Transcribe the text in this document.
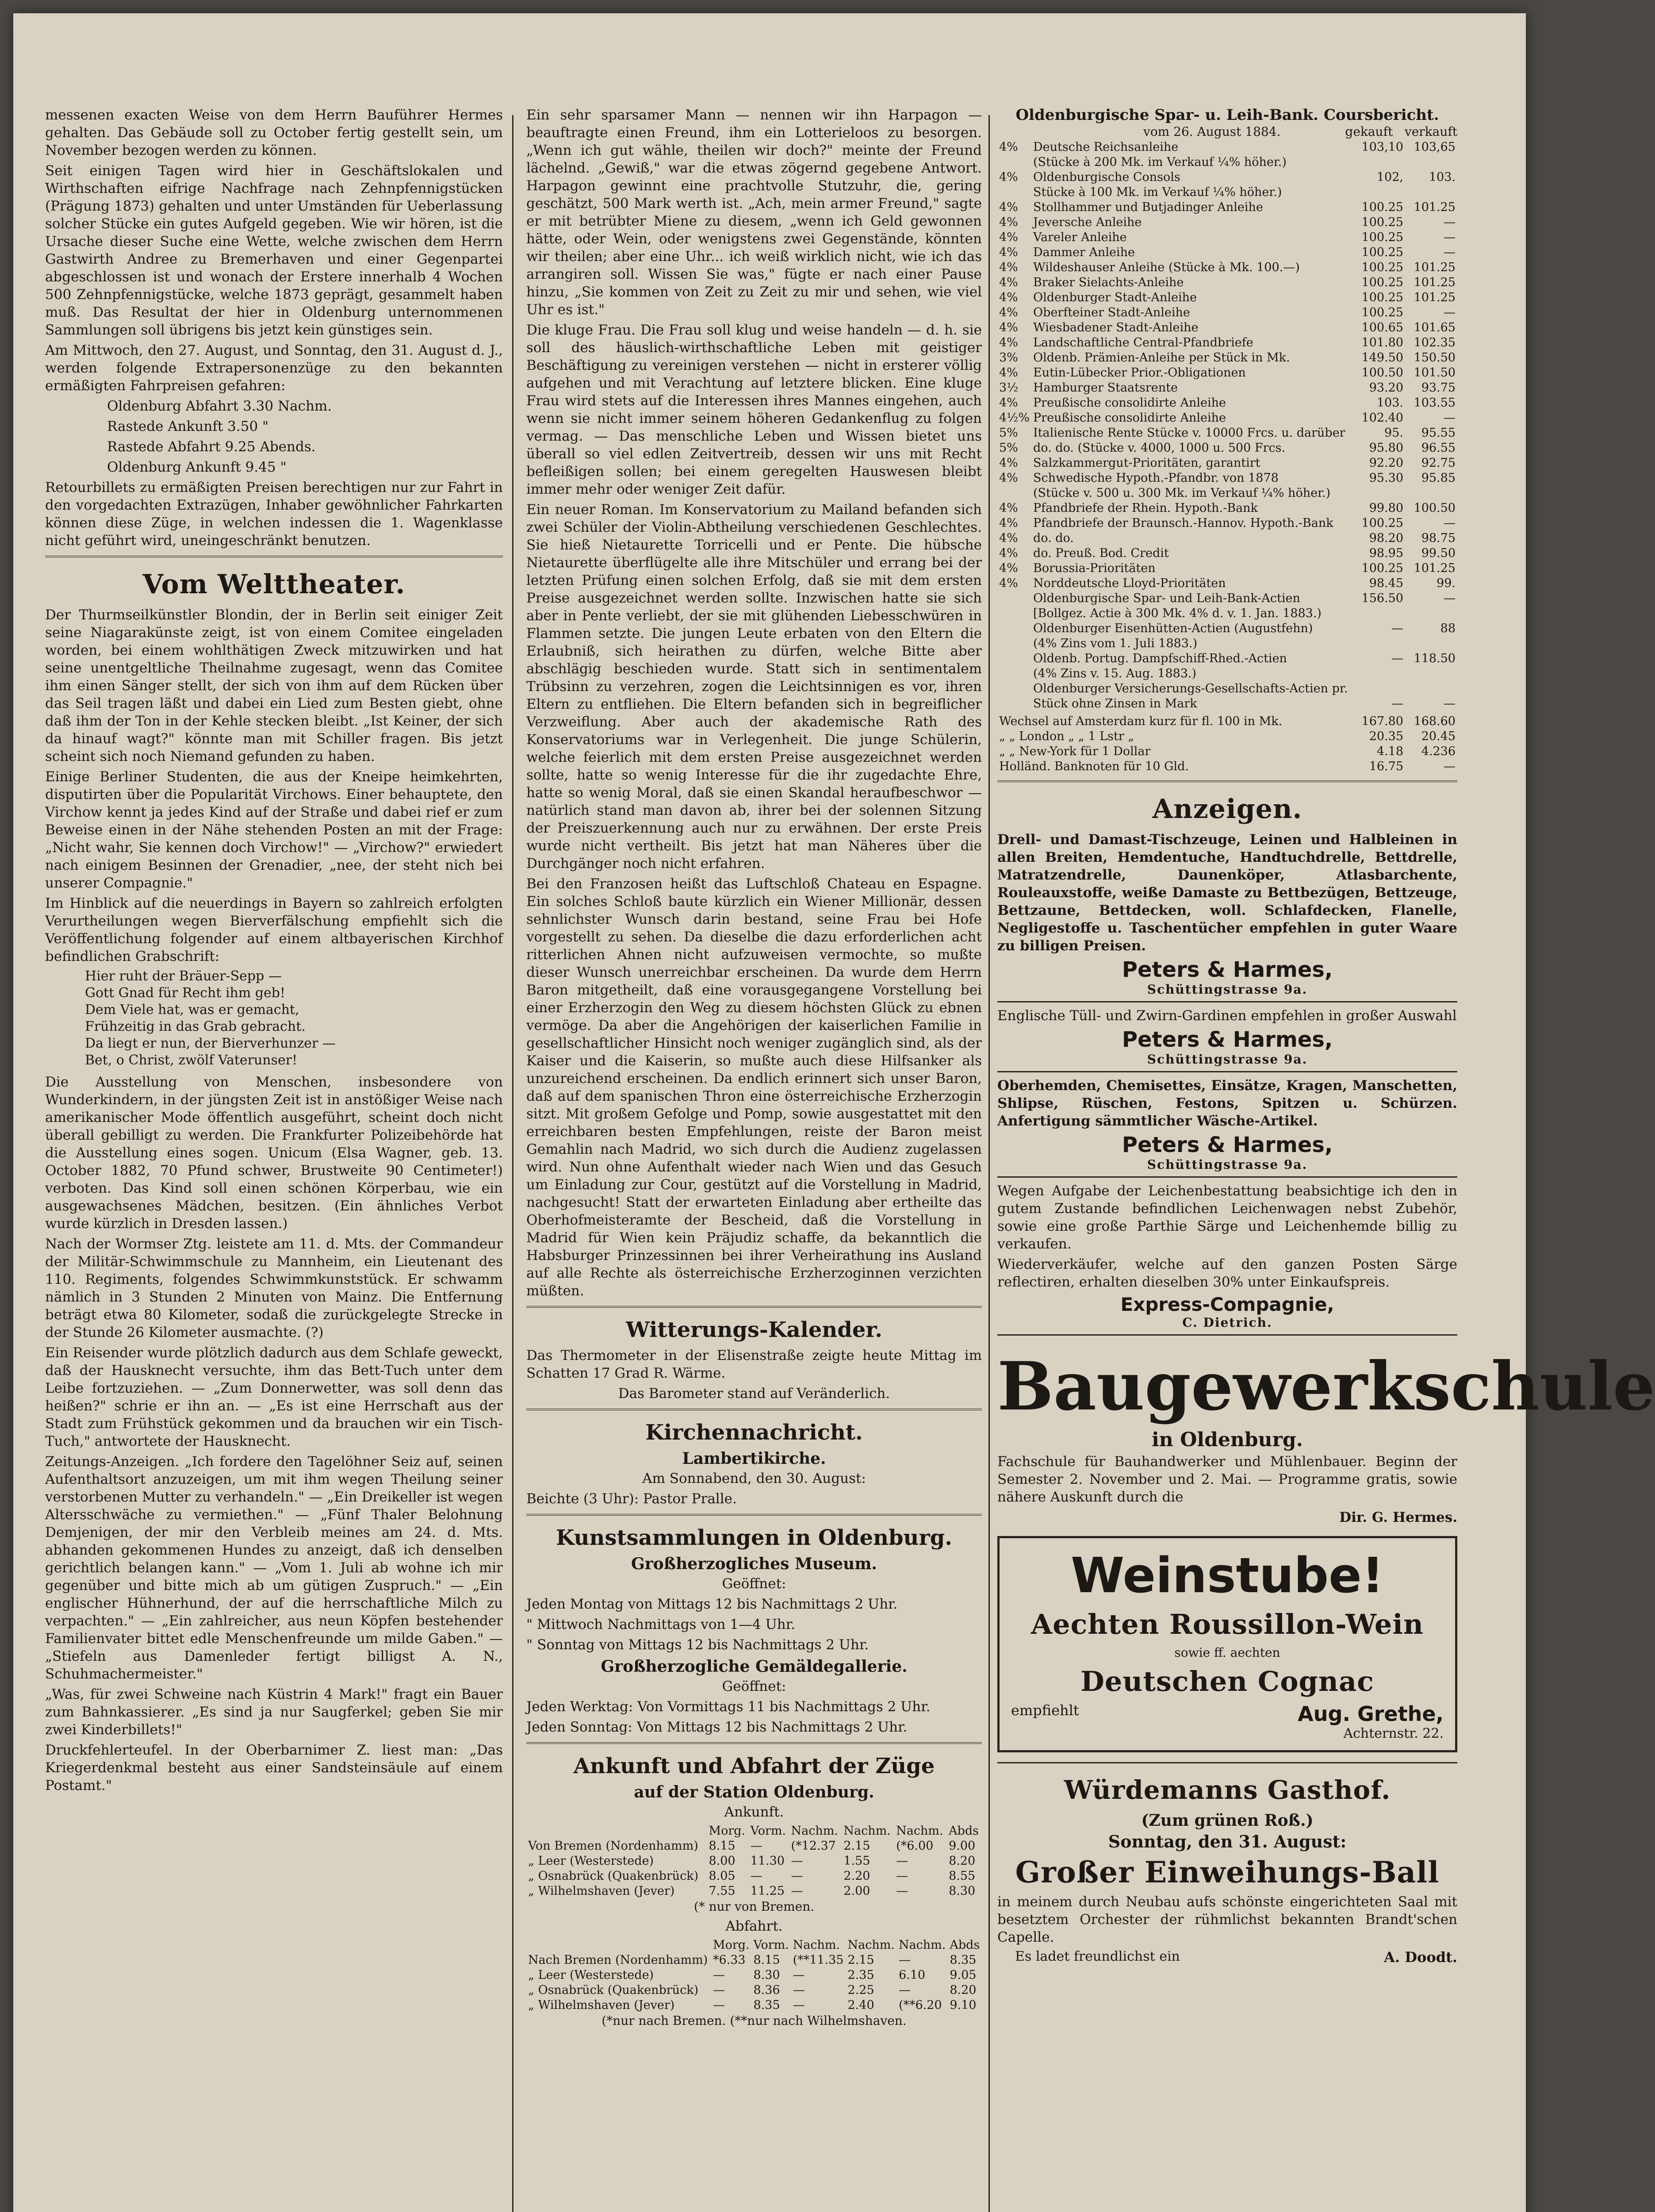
messenen exacten Weise von dem Herrn Bauführer Hermes gehalten. Das Gebäude soll zu October fertig gestellt sein, um November bezogen werden zu können.

Seit einigen Tagen wird hier in Geschäftslokalen und Wirthschaften eifrige Nachfrage nach Zehnpfennigstücken (Prägung 1873) gehalten und unter Umständen für Ueberlassung solcher Stücke ein gutes Aufgeld gegeben. Wie wir hören, ist die Ursache dieser Suche eine Wette, welche zwischen dem Herrn Gastwirth Andree zu Bremerhaven und einer Gegenpartei abgeschlossen ist und wonach der Erstere innerhalb 4 Wochen 500 Zehnpfennigstücke, welche 1873 geprägt, gesammelt haben muß. Das Resultat der hier in Oldenburg unternommenen Sammlungen soll übrigens bis jetzt kein günstiges sein.

Am Mittwoch, den 27. August, und Sonntag, den 31. August d. J., werden folgende Extrapersonenzüge zu den bekannten ermäßigten Fahrpreisen gefahren:

Oldenburg Abfahrt 3.30 Nachm.

Rastede Ankunft 3.50 "

Rastede Abfahrt 9.25 Abends.

Oldenburg Ankunft 9.45 "

Retourbillets zu ermäßigten Preisen berechtigen nur zur Fahrt in den vorgedachten Extrazügen, Inhaber gewöhnlicher Fahrkarten können diese Züge, in welchen indessen die 1. Wagenklasse nicht geführt wird, uneingeschränkt benutzen.

Vom Welttheater.

Der Thurmseilkünstler Blondin, der in Berlin seit einiger Zeit seine Niagarakünste zeigt, ist von einem Comitee eingeladen worden, bei einem wohlthätigen Zweck mitzuwirken und hat seine unentgeltliche Theilnahme zugesagt, wenn das Comitee ihm einen Sänger stellt, der sich von ihm auf dem Rücken über das Seil tragen läßt und dabei ein Lied zum Besten giebt, ohne daß ihm der Ton in der Kehle stecken bleibt. „Ist Keiner, der sich da hinauf wagt?" könnte man mit Schiller fragen. Bis jetzt scheint sich noch Niemand gefunden zu haben.

Einige Berliner Studenten, die aus der Kneipe heimkehrten, disputirten über die Popularität Virchows. Einer behauptete, den Virchow kennt ja jedes Kind auf der Straße und dabei rief er zum Beweise einen in der Nähe stehenden Posten an mit der Frage: „Nicht wahr, Sie kennen doch Virchow!" — „Virchow?" erwiedert nach einigem Besinnen der Grenadier, „nee, der steht nich bei unserer Compagnie."

Im Hinblick auf die neuerdings in Bayern so zahlreich erfolgten Verurtheilungen wegen Bierverfälschung empfiehlt sich die Veröffentlichung folgender auf einem altbayerischen Kirchhof befindlichen Grabschrift:

Hier ruht der Bräuer-Sepp —
Gott Gnad für Recht ihm geb!
Dem Viele hat, was er gemacht,
Frühzeitig in das Grab gebracht.
Da liegt er nun, der Bierverhunzer —
Bet, o Christ, zwölf Vaterunser!

Die Ausstellung von Menschen, insbesondere von Wunderkindern, in der jüngsten Zeit ist in anstößiger Weise nach amerikanischer Mode öffentlich ausgeführt, scheint doch nicht überall gebilligt zu werden. Die Frankfurter Polizeibehörde hat die Ausstellung eines sogen. Unicum (Elsa Wagner, geb. 13. October 1882, 70 Pfund schwer, Brustweite 90 Centimeter!) verboten. Das Kind soll einen schönen Körperbau, wie ein ausgewachsenes Mädchen, besitzen. (Ein ähnliches Verbot wurde kürzlich in Dresden lassen.)

Nach der Wormser Ztg. leistete am 11. d. Mts. der Commandeur der Militär-Schwimmschule zu Mannheim, ein Lieutenant des 110. Regiments, folgendes Schwimmkunststück. Er schwamm nämlich in 3 Stunden 2 Minuten von Mainz. Die Entfernung beträgt etwa 80 Kilometer, sodaß die zurückgelegte Strecke in der Stunde 26 Kilometer ausmachte. (?)

Ein Reisender wurde plötzlich dadurch aus dem Schlafe geweckt, daß der Hausknecht versuchte, ihm das Bett-Tuch unter dem Leibe fortzuziehen. — „Zum Donnerwetter, was soll denn das heißen?" schrie er ihn an. — „Es ist eine Herrschaft aus der Stadt zum Frühstück gekommen und da brauchen wir ein Tisch-Tuch," antwortete der Hausknecht.

Zeitungs-Anzeigen. „Ich fordere den Tagelöhner Seiz auf, seinen Aufenthaltsort anzuzeigen, um mit ihm wegen Theilung seiner verstorbenen Mutter zu verhandeln." — „Ein Dreikeller ist wegen Altersschwäche zu vermiethen." — „Fünf Thaler Belohnung Demjenigen, der mir den Verbleib meines am 24. d. Mts. abhanden gekommenen Hundes zu anzeigt, daß ich denselben gerichtlich belangen kann." — „Vom 1. Juli ab wohne ich mir gegenüber und bitte mich ab um gütigen Zuspruch." — „Ein englischer Hühnerhund, der auf die herrschaftliche Milch zu verpachten." — „Ein zahlreicher, aus neun Köpfen bestehender Familienvater bittet edle Menschenfreunde um milde Gaben." — „Stiefeln aus Damenleder fertigt billigst A. N., Schuhmachermeister."

„Was, für zwei Schweine nach Küstrin 4 Mark!" fragt ein Bauer zum Bahnkassierer. „Es sind ja nur Saugferkel; geben Sie mir zwei Kinderbillets!"

Druckfehlerteufel. In der Oberbarnimer Z. liest man: „Das Kriegerdenkmal besteht aus einer Sandsteinsäule auf einem Postamt."

Ein sehr sparsamer Mann — nennen wir ihn Harpagon — beauftragte einen Freund, ihm ein Lotterieloos zu besorgen. „Wenn ich gut wähle, theilen wir doch?" meinte der Freund lächelnd. „Gewiß," war die etwas zögernd gegebene Antwort. Harpagon gewinnt eine prachtvolle Stutzuhr, die, gering geschätzt, 500 Mark werth ist. „Ach, mein armer Freund," sagte er mit betrübter Miene zu diesem, „wenn ich Geld gewonnen hätte, oder Wein, oder wenigstens zwei Gegenstände, könnten wir theilen; aber eine Uhr... ich weiß wirklich nicht, wie ich das arrangiren soll. Wissen Sie was," fügte er nach einer Pause hinzu, „Sie kommen von Zeit zu Zeit zu mir und sehen, wie viel Uhr es ist."

Die kluge Frau. Die Frau soll klug und weise handeln — d. h. sie soll des häuslich-wirthschaftliche Leben mit geistiger Beschäftigung zu vereinigen verstehen — nicht in ersterer völlig aufgehen und mit Verachtung auf letztere blicken. Eine kluge Frau wird stets auf die Interessen ihres Mannes eingehen, auch wenn sie nicht immer seinem höheren Gedankenflug zu folgen vermag. — Das menschliche Leben und Wissen bietet uns überall so viel edlen Zeitvertreib, dessen wir uns mit Recht befleißigen sollen; bei einem geregelten Hauswesen bleibt immer mehr oder weniger Zeit dafür.

Ein neuer Roman. Im Konservatorium zu Mailand befanden sich zwei Schüler der Violin-Abtheilung verschiedenen Geschlechtes. Sie hieß Nietaurette Torricelli und er Pente. Die hübsche Nietaurette überflügelte alle ihre Mitschüler und errang bei der letzten Prüfung einen solchen Erfolg, daß sie mit dem ersten Preise ausgezeichnet werden sollte. Inzwischen hatte sie sich aber in Pente verliebt, der sie mit glühenden Liebesschwüren in Flammen setzte. Die jungen Leute erbaten von den Eltern die Erlaubniß, sich heirathen zu dürfen, welche Bitte aber abschlägig beschieden wurde. Statt sich in sentimentalem Trübsinn zu verzehren, zogen die Leichtsinnigen es vor, ihren Eltern zu entfliehen. Die Eltern befanden sich in begreiflicher Verzweiflung. Aber auch der akademische Rath des Konservatoriums war in Verlegenheit. Die junge Schülerin, welche feierlich mit dem ersten Preise ausgezeichnet werden sollte, hatte so wenig Interesse für die ihr zugedachte Ehre, hatte so wenig Moral, daß sie einen Skandal heraufbeschwor — natürlich stand man davon ab, ihrer bei der solennen Sitzung der Preiszuerkennung auch nur zu erwähnen. Der erste Preis wurde nicht vertheilt. Bis jetzt hat man Näheres über die Durchgänger noch nicht erfahren.

Bei den Franzosen heißt das Luftschloß Chateau en Espagne. Ein solches Schloß baute kürzlich ein Wiener Millionär, dessen sehnlichster Wunsch darin bestand, seine Frau bei Hofe vorgestellt zu sehen. Da dieselbe die dazu erforderlichen acht ritterlichen Ahnen nicht aufzuweisen vermochte, so mußte dieser Wunsch unerreichbar erscheinen. Da wurde dem Herrn Baron mitgetheilt, daß eine vorausgegangene Vorstellung bei einer Erzherzogin den Weg zu diesem höchsten Glück zu ebnen vermöge. Da aber die Angehörigen der kaiserlichen Familie in gesellschaftlicher Hinsicht noch weniger zugänglich sind, als der Kaiser und die Kaiserin, so mußte auch diese Hilfsanker als unzureichend erscheinen. Da endlich erinnert sich unser Baron, daß auf dem spanischen Thron eine österreichische Erzherzogin sitzt. Mit großem Gefolge und Pomp, sowie ausgestattet mit den erreichbaren besten Empfehlungen, reiste der Baron meist Gemahlin nach Madrid, wo sich durch die Audienz zugelassen wird. Nun ohne Aufenthalt wieder nach Wien und das Gesuch um Einladung zur Cour, gestützt auf die Vorstellung in Madrid, nachgesucht! Statt der erwarteten Einladung aber ertheilte das Oberhofmeisteramte der Bescheid, daß die Vorstellung in Madrid für Wien kein Präjudiz schaffe, da bekanntlich die Habsburger Prinzessinnen bei ihrer Verheirathung ins Ausland auf alle Rechte als österreichische Erzherzoginnen verzichten müßten.

Witterungs-Kalender.

Das Thermometer in der Elisenstraße zeigte heute Mittag im Schatten 17 Grad R. Wärme.

Das Barometer stand auf Veränderlich.

Kirchennachricht.
Lambertikirche.

Am Sonnabend, den 30. August:

Beichte (3 Uhr): Pastor Pralle.

Kunstsammlungen in Oldenburg.
Großherzogliches Museum.

Geöffnet:

Jeden Montag von Mittags 12 bis Nachmittags 2 Uhr.

" Mittwoch Nachmittags von 1—4 Uhr.

" Sonntag von Mittags 12 bis Nachmittags 2 Uhr.

Großherzogliche Gemäldegallerie.

Geöffnet:

Jeden Werktag: Von Vormittags 11 bis Nachmittags 2 Uhr.

Jeden Sonntag: Von Mittags 12 bis Nachmittags 2 Uhr.

Ankunft und Abfahrt der Züge
auf der Station Oldenburg.

Ankunft.

	Morg.	Vorm.	Nachm.	Nachm.	Nachm.	Abds
Von Bremen (Nordenhamm)	8.15	—	(*12.37	2.15	(*6.00	9.00
„ Leer (Westerstede)	8.00	11.30	—	1.55	—	8.20
„ Osnabrück (Quakenbrück)	8.05	—	—	2.20	—	8.55
„ Wilhelmshaven (Jever)	7.55	11.25	—	2.00	—	8.30

(* nur von Bremen.

Abfahrt.

	Morg.	Vorm.	Nachm.	Nachm.	Nachm.	Abds
Nach Bremen (Nordenhamm)	*6.33	8.15	(**11.35	2.15	—	8.35
„ Leer (Westerstede)	—	8.30	—	2.35	6.10	9.05
„ Osnabrück (Quakenbrück)	—	8.36	—	2.25	—	8.20
„ Wilhelmshaven (Jever)	—	8.35	—	2.40	(**6.20	9.10

(*nur nach Bremen. (**nur nach Wilhelmshaven.

Oldenburgische Spar- u. Leih-Bank. Coursbericht.
vom 26. August 1884.	gekauft verkauft
4%	Deutsche Reichsanleihe	103,10	103,65
	(Stücke à 200 Mk. im Verkauf ¼% höher.)		
4%	Oldenburgische Consols	102,	103.
	Stücke à 100 Mk. im Verkauf ¼% höher.)		
4%	Stollhammer und Butjadinger Anleihe	100.25	101.25
4%	Jeversche Anleihe	100.25	—
4%	Vareler Anleihe	100.25	—
4%	Dammer Anleihe	100.25	—
4%	Wildeshauser Anleihe (Stücke à Mk. 100.—)	100.25	101.25
4%	Braker Sielachts-Anleihe	100.25	101.25
4%	Oldenburger Stadt-Anleihe	100.25	101.25
4%	Oberfteiner Stadt-Anleihe	100.25	—
4%	Wiesbadener Stadt-Anleihe	100.65	101.65
4%	Landschaftliche Central-Pfandbriefe	101.80	102.35
3%	Oldenb. Prämien-Anleihe per Stück in Mk.	149.50	150.50
4%	Eutin-Lübecker Prior.-Obligationen	100.50	101.50
3½	Hamburger Staatsrente	93.20	93.75
4%	Preußische consolidirte Anleihe	103.	103.55
4½%	Preußische consolidirte Anleihe	102.40	—
5%	Italienische Rente Stücke v. 10000 Frcs. u. darüber	95.	95.55
5%	do. do. (Stücke v. 4000, 1000 u. 500 Frcs.	95.80	96.55
4%	Salzkammergut-Prioritäten, garantirt	92.20	92.75
4%	Schwedische Hypoth.-Pfandbr. von 1878	95.30	95.85
	(Stücke v. 500 u. 300 Mk. im Verkauf ¼% höher.)		
4%	Pfandbriefe der Rhein. Hypoth.-Bank	99.80	100.50
4%	Pfandbriefe der Braunsch.-Hannov. Hypoth.-Bank	100.25	—
4%	do. do.	98.20	98.75
4%	do. Preuß. Bod. Credit	98.95	99.50
4%	Borussia-Prioritäten	100.25	101.25
4%	Norddeutsche Lloyd-Prioritäten	98.45	99.
	Oldenburgische Spar- und Leih-Bank-Actien	156.50	—
	[Bollgez. Actie à 300 Mk. 4% d. v. 1. Jan. 1883.)		
	Oldenburger Eisenhütten-Actien (Augustfehn)	—	88
	(4% Zins vom 1. Juli 1883.)		
	Oldenb. Portug. Dampfschiff-Rhed.-Actien	—	118.50
	(4% Zins v. 15. Aug. 1883.)		
	Oldenburger Versicherungs-Gesellschafts-Actien pr.		
	Stück ohne Zinsen in Mark	—	—
Wechsel auf Amsterdam kurz für fl. 100 in Mk.	167.80	168.60
„ „ London „ „ 1 Lstr „	20.35	20.45
„ „ New-York für 1 Dollar	4.18	4.236
Holländ. Banknoten für 10 Gld.	16.75	—
Anzeigen.

Drell- und Damast-Tischzeuge, Leinen und Halbleinen in allen Breiten, Hemdentuche, Handtuchdrelle, Bettdrelle, Matratzendrelle, Daunenköper, Atlasbarchente, Rouleauxstoffe, weiße Damaste zu Bettbezügen, Bettzeuge, Bettzaune, Bettdecken, woll. Schlafdecken, Flanelle, Negligestoffe u. Taschentücher empfehlen in guter Waare zu billigen Preisen.

Peters & Harmes,
Schüttingstrasse 9a.

Englische Tüll- und Zwirn-Gardinen empfehlen in großer Auswahl

Peters & Harmes,
Schüttingstrasse 9a.

Oberhemden, Chemisettes, Einsätze, Kragen, Manschetten, Shlipse, Rüschen, Festons, Spitzen u. Schürzen. Anfertigung sämmtlicher Wäsche-Artikel.

Peters & Harmes,
Schüttingstrasse 9a.

Wegen Aufgabe der Leichenbestattung beabsichtige ich den in gutem Zustande befindlichen Leichenwagen nebst Zubehör, sowie eine große Parthie Särge und Leichenhemde billig zu verkaufen.

Wiederverkäufer, welche auf den ganzen Posten Särge reflectiren, erhalten dieselben 30% unter Einkaufspreis.

Express-Compagnie,
C. Dietrich.
Baugewerkschule
in Oldenburg.

Fachschule für Bauhandwerker und Mühlenbauer. Beginn der Semester 2. November und 2. Mai. — Programme gratis, sowie nähere Auskunft durch die

Dir. G. Hermes.

Weinstube!
Aechten Roussillon-Wein
sowie ff. aechten
Deutschen Cognac
empfiehlt	Aug. Grethe,
Achternstr. 22.
Würdemanns Gasthof.
(Zum grünen Roß.)
Sonntag, den 31. August:
Großer Einweihungs-Ball

in meinem durch Neubau aufs schönste eingerichteten Saal mit besetztem Orchester der rühmlichst bekannten Brandt'schen Capelle.

Es ladet freundlichst ein	A. Doodt.
